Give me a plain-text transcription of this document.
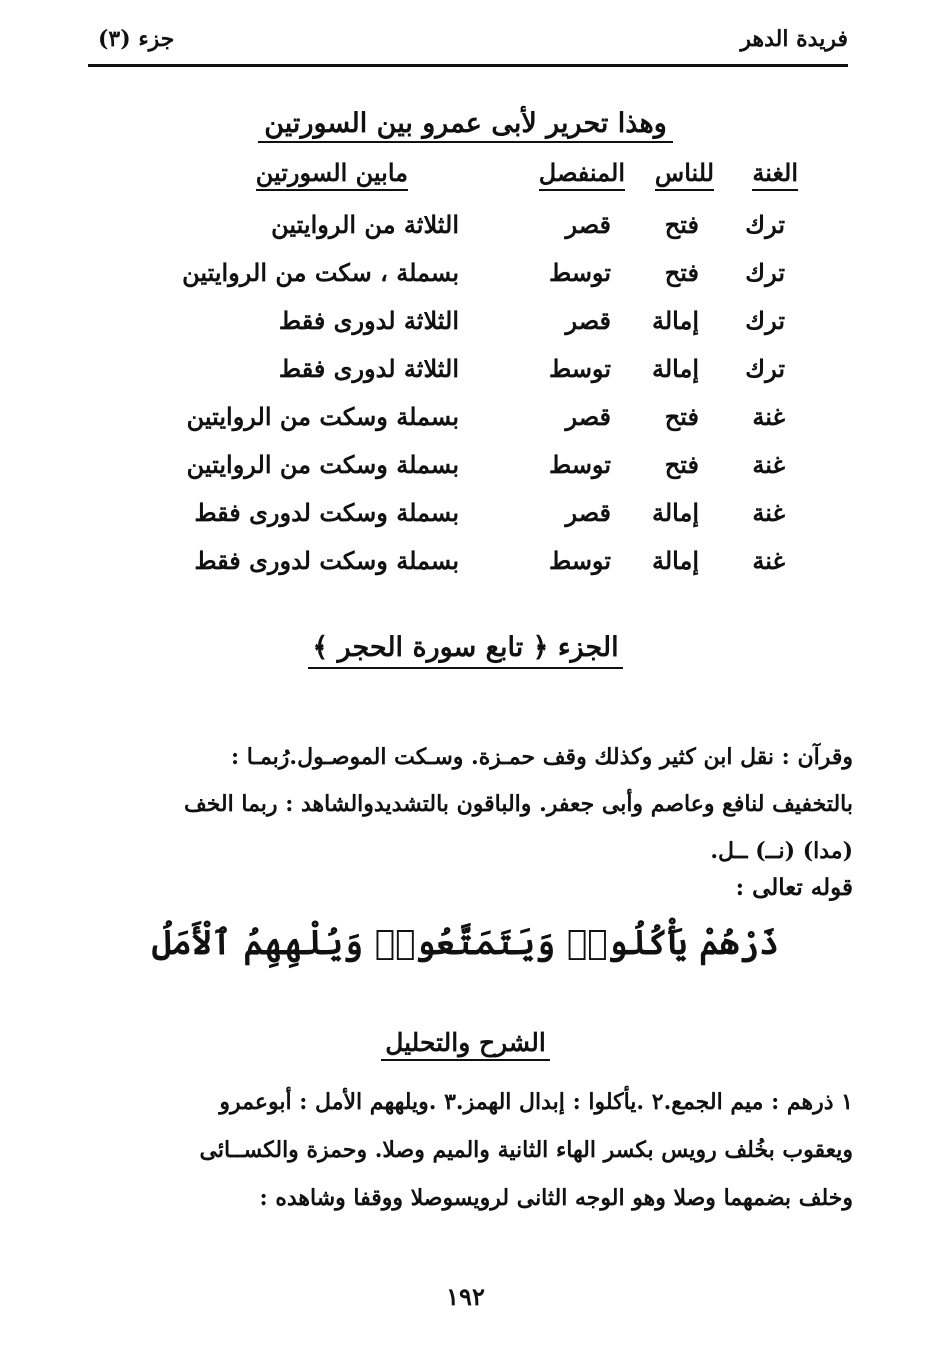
فريدة الدهر
جزء (٣)
وهذا تحرير لأبى عمرو بين السورتين
الغنة
للناس
المنفصل
مابين السورتين
ترك
فتح
قصر
الثلاثة من الروايتين
ترك
فتح
توسط
بسملة ، سكت من الروايتين
ترك
إمالة
قصر
الثلاثة لدورى فقط
ترك
إمالة
توسط
الثلاثة لدورى فقط
غنة
فتح
قصر
بسملة وسكت من الروايتين
غنة
فتح
توسط
بسملة وسكت من الروايتين
غنة
إمالة
قصر
بسملة وسكت لدورى فقط
غنة
إمالة
توسط
بسملة وسكت لدورى فقط
الجزء ﴿ تابع سورة الحجر ﴾
وقرآن : نقل ابن كثير وكذلك وقف حمـزة. وسـكت الموصـول.رُبمـا :
بالتخفيف لنافع وعاصم وأبى جعفر. والباقون بالتشديدوالشاهد : ربما الخف
(مدا) (نــ) ــل.
قوله تعالى :
ذَرْهُمْ يَأْكُلُوا۟ وَيَتَمَتَّعُوا۟ وَيُلْهِهِمُ ٱلْأَمَلُ
الشرح والتحليل
١ ذرهم : ميم الجمع.٢ .يأكلوا : إبدال الهمز.٣ .ويلههم الأمل : أبوعمرو
ويعقوب بخُلف رويس بكسر الهاء الثانية والميم وصلا. وحمزة والكســائى
وخلف بضمهما وصلا وهو الوجه الثانى لرويسوصلا ووقفا وشاهده :
١٩٢
